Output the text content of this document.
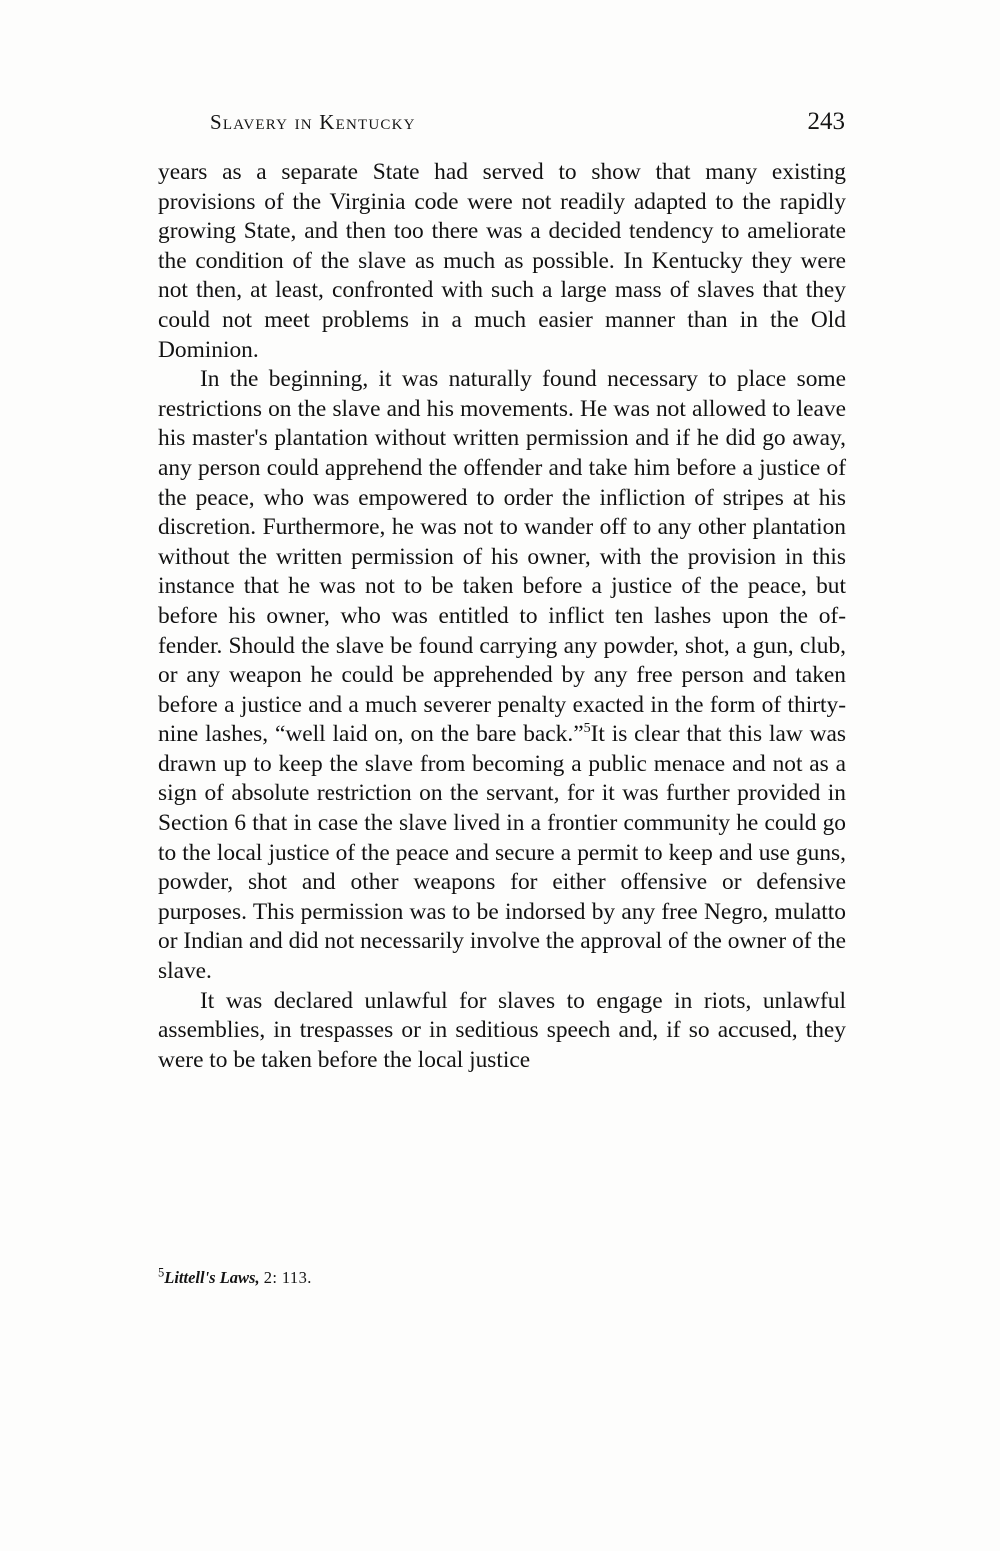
Slavery in Kentucky	243

years as a separate State had served to show that many existing provisions of the Virginia code were not readily adapted to the rapidly growing State, and then too there was a decided tendency to ameliorate the condition of the slave as much as possible. In Kentucky they were not then, at least, confronted with such a large mass of slaves that they could not meet problems in a much easier manner than in the Old Dominion.

In the beginning, it was naturally found necessary to place some restrictions on the slave and his movements. He was not allowed to leave his master's plantation without written permission and if he did go away, any person could apprehend the offender and take him before a justice of the peace, who was empowered to order the infliction of stripes at his discretion. Furthermore, he was not to wander off to any other plantation without the written permission of his owner, with the provision in this instance that he was not to be taken before a justice of the peace, but before his owner, who was entitled to inflict ten lashes upon the of-fender. Should the slave be found carrying any powder, shot, a gun, club, or any weapon he could be apprehended by any free person and taken before a justice and a much severer penalty exacted in the form of thirty-nine lashes, “well laid on, on the bare back.”$^5$It is clear that this law was drawn up to keep the slave from becoming a public menace and not as a sign of absolute restriction on the servant, for it was further provided in Section 6 that in case the slave lived in a frontier community he could go to the local justice of the peace and secure a permit to keep and use guns, powder, shot and other weapons for either offensive or defensive purposes. This permission was to be indorsed by any free Negro, mulatto or Indian and did not necessarily involve the approval of the owner of the slave.

It was declared unlawful for slaves to engage in riots, unlawful assemblies, in trespasses or in seditious speech and, if so accused, they were to be taken before the local justice

$^5$Littell's Laws, 2: 113.
